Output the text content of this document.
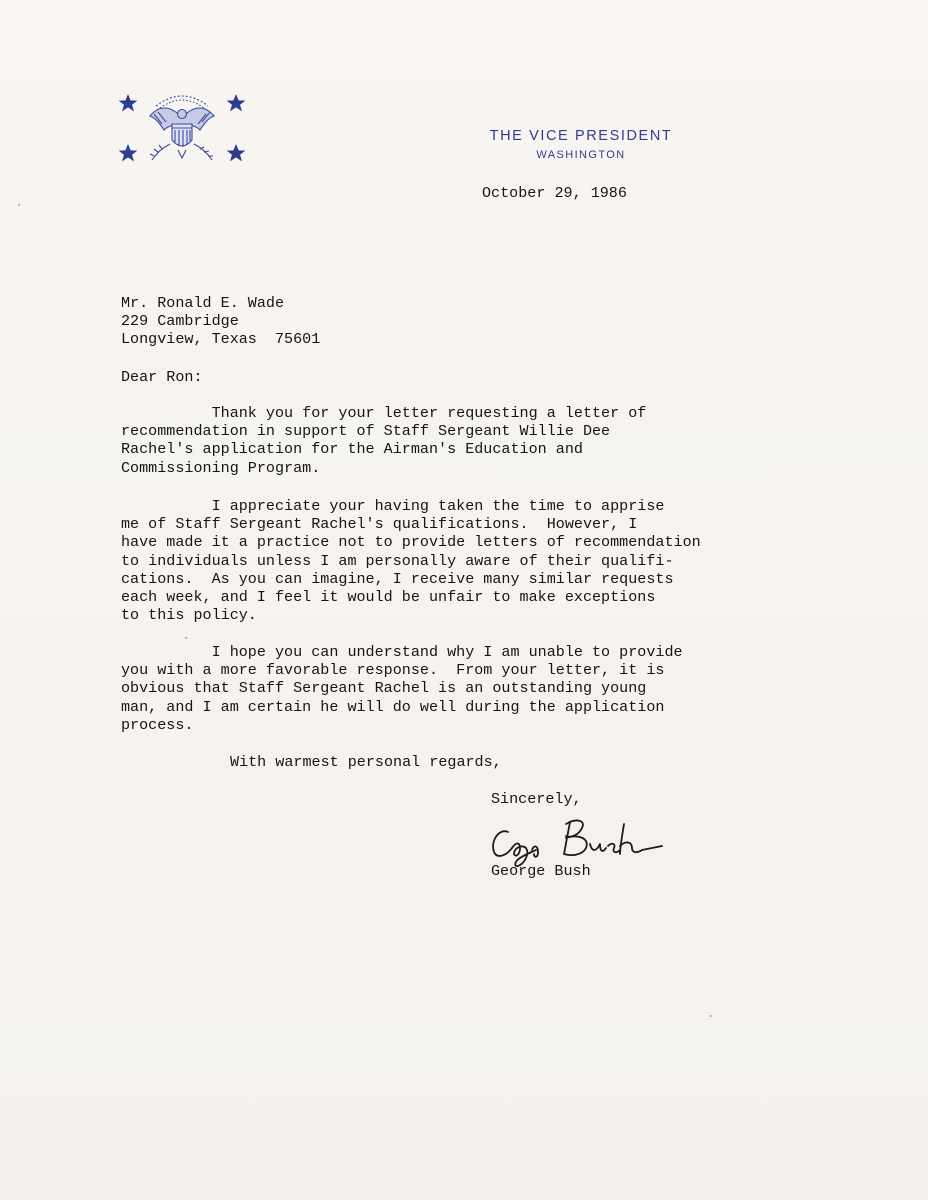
THE VICE PRESIDENT
WASHINGTON
October 29, 1986
Mr. Ronald E. Wade
229 Cambridge
Longview, Texas  75601
Dear Ron:
Thank you for your letter requesting a letter of
recommendation in support of Staff Sergeant Willie Dee
Rachel's application for the Airman's Education and
Commissioning Program.
I appreciate your having taken the time to apprise
me of Staff Sergeant Rachel's qualifications.  However, I
have made it a practice not to provide letters of recommendation
to individuals unless I am personally aware of their qualifi-
cations.  As you can imagine, I receive many similar requests
each week, and I feel it would be unfair to make exceptions
to this policy.
I hope you can understand why I am unable to provide
you with a more favorable response.  From your letter, it is
obvious that Staff Sergeant Rachel is an outstanding young
man, and I am certain he will do well during the application
process.
With warmest personal regards,
Sincerely,
George Bush
